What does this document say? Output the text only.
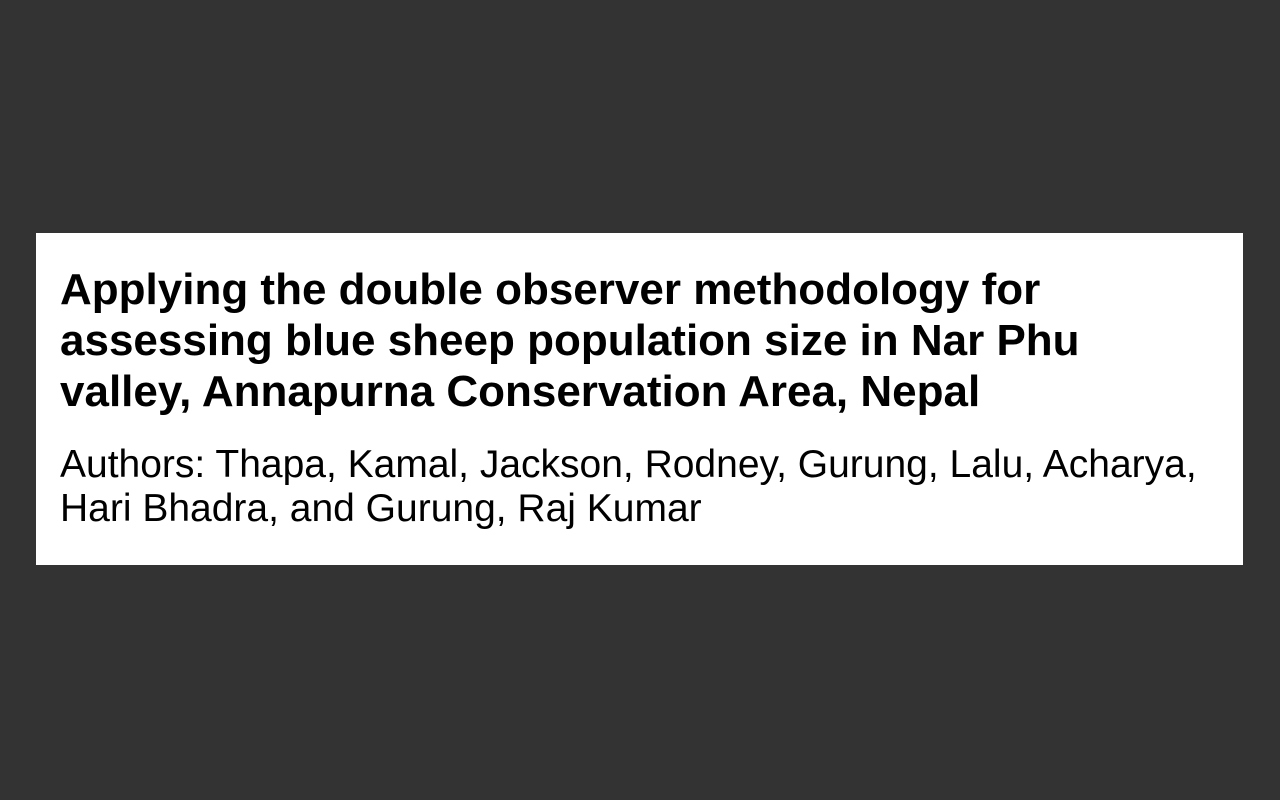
Applying the double observer methodology for assessing blue sheep population size in Nar Phu valley, Annapurna Conservation Area, Nepal

Authors: Thapa, Kamal, Jackson, Rodney, Gurung, Lalu, Acharya, Hari Bhadra, and Gurung, Raj Kumar
